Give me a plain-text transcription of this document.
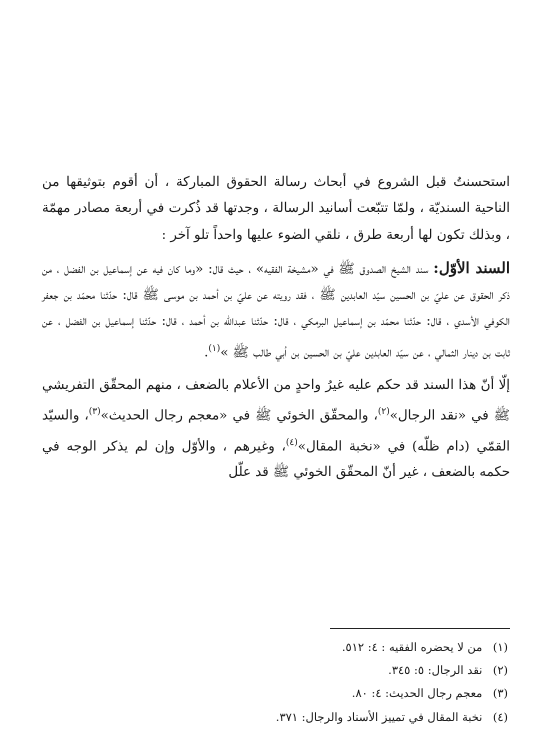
استحسنتُ قبل الشروع في أبحاث رسالة الحقوق المباركة ، أن أقوم بتوثيقها من الناحية السنديّة ، ولمّا تتبّعت أسانيد الرسالة ، وجدتها قد ذُكرت في أربعة مصادر مهمّة ، وبذلك تكون لها أربعة طرق ، نلقي الضوء عليها واحداً تلو آخر :

السند الأوّل: سند الشيخ الصدوق ﷺ في «مشيخة الفقيه» ، حيث قال: «وما كان فيه عن إسماعيل بن الفضل ، من ذكر الحقوق عن عليّ بن الحسين سيّد العابدين ﷺ ، فقد رويته عن عليّ بن أحمد بن موسى ﷺ قال: حدّثنا محمّد بن جعفر الكوفي الأسدي ، قال: حدّثنا محمّد بن إسماعيل البرمكي ، قال: حدّثنا عبدالله بن أحمد ، قال: حدّثنا إسماعيل بن الفضل ، عن ثابت بن دينار الثمالي ، عن سيّد العابدين عليّ بن الحسين بن أبي طالب ﷺ »$^{(١)}$.

إلّا أنّ هذا السند قد حكم عليه غيرُ واحدٍ من الأعلام بالضعف ، منهم المحقّق التفريشي ﷺ في «نقد الرجال»$^{(٢)}$، والمحقّق الخوئي ﷺ في «معجم رجال الحديث»$^{(٣)}$، والسيّد القمّي (دام ظلّه) في «نخبة المقال»$^{(٤)}$، وغيرهم ، والأوّل وإن لم يذكر الوجه في حكمه بالضعف ، غير أنّ المحقّق الخوئي ﷺ قد علّل

(١) من لا يحضره الفقيه : ٤: ٥١٢.
(٢) نقد الرجال: ٥: ٣٤٥.
(٣) معجم رجال الحديث: ٤: ٨٠.
(٤) نخبة المقال في تمييز الأسناد والرجال: ٣٧١.
